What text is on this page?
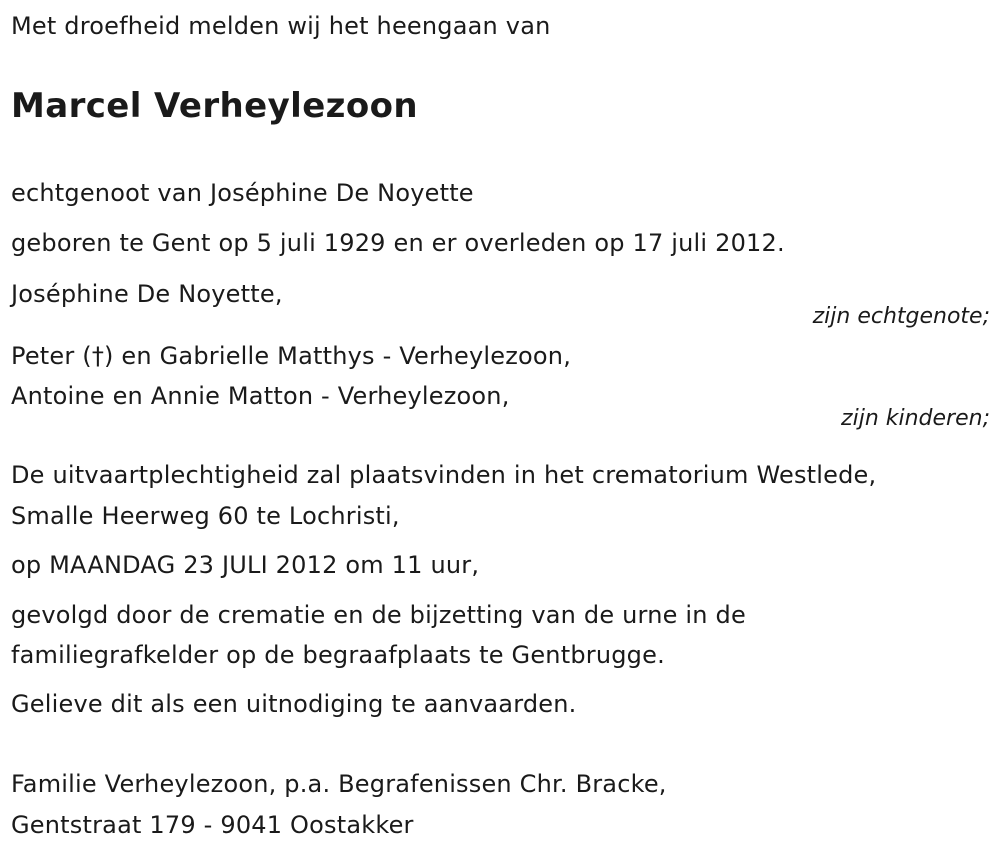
Met droefheid melden wij het heengaan van
Marcel Verheylezoon
echtgenoot van Joséphine De Noyette
geboren te Gent op 5 juli 1929 en er overleden op 17 juli 2012.
Joséphine De Noyette,
zijn echtgenote;
Peter (†) en Gabrielle Matthys - Verheylezoon,
Antoine en Annie Matton - Verheylezoon,
zijn kinderen;
De uitvaartplechtigheid zal plaatsvinden in het crematorium Westlede,
Smalle Heerweg 60 te Lochristi,
op MAANDAG 23 JULI 2012 om 11 uur,
gevolgd door de crematie en de bijzetting van de urne in de
familiegrafkelder op de begraafplaats te Gentbrugge.
Gelieve dit als een uitnodiging te aanvaarden.
Familie Verheylezoon, p.a. Begrafenissen Chr. Bracke,
Gentstraat 179 - 9041 Oostakker
